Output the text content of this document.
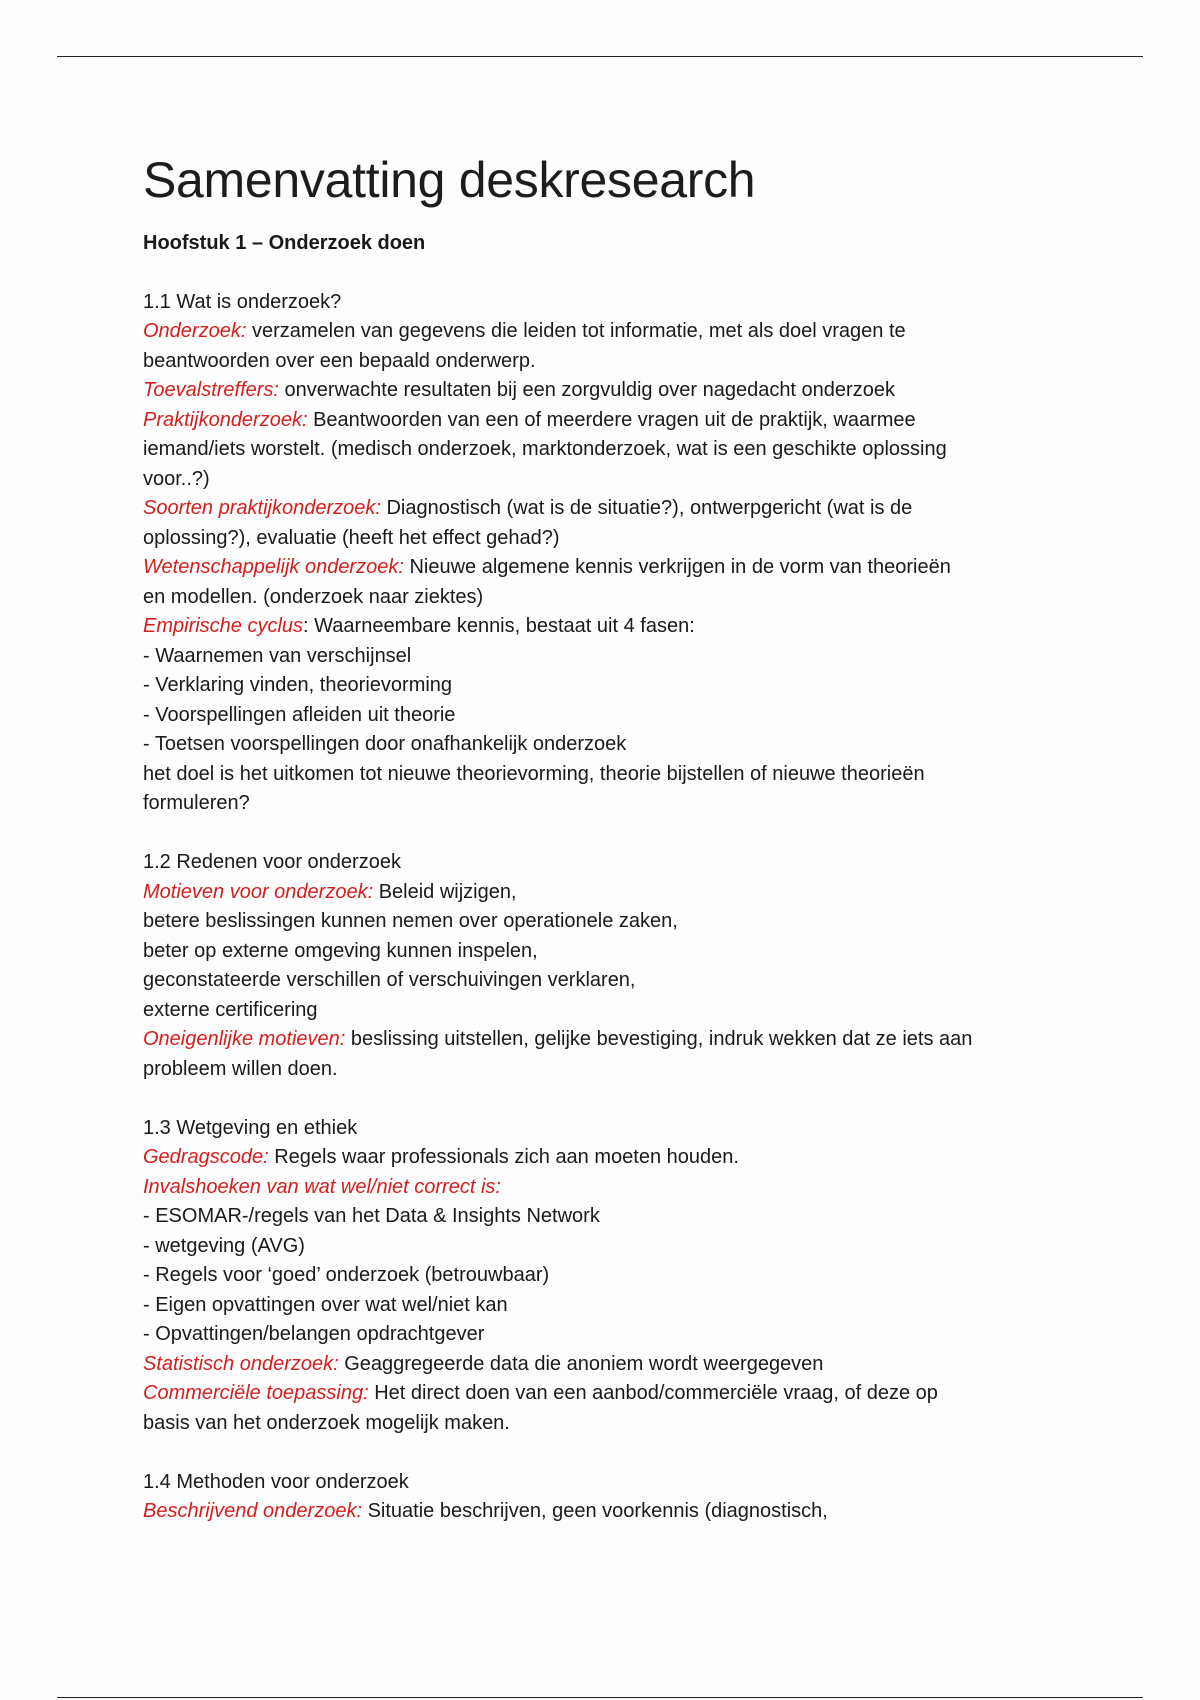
Samenvatting deskresearch
Hoofstuk 1 – Onderzoek doen
1.1 Wat is onderzoek?
Onderzoek: verzamelen van gegevens die leiden tot informatie, met als doel vragen te
beantwoorden over een bepaald onderwerp.
Toevalstreffers: onverwachte resultaten bij een zorgvuldig over nagedacht onderzoek
Praktijkonderzoek: Beantwoorden van een of meerdere vragen uit de praktijk, waarmee
iemand/iets worstelt. (medisch onderzoek, marktonderzoek, wat is een geschikte oplossing
voor..?)
Soorten praktijkonderzoek: Diagnostisch (wat is de situatie?), ontwerpgericht (wat is de
oplossing?), evaluatie (heeft het effect gehad?)
Wetenschappelijk onderzoek: Nieuwe algemene kennis verkrijgen in de vorm van theorieën
en modellen. (onderzoek naar ziektes)
Empirische cyclus: Waarneembare kennis, bestaat uit 4 fasen:
- Waarnemen van verschijnsel
- Verklaring vinden, theorievorming
- Voorspellingen afleiden uit theorie
- Toetsen voorspellingen door onafhankelijk onderzoek
het doel is het uitkomen tot nieuwe theorievorming, theorie bijstellen of nieuwe theorieën
formuleren?
1.2 Redenen voor onderzoek
Motieven voor onderzoek: Beleid wijzigen,
betere beslissingen kunnen nemen over operationele zaken,
beter op externe omgeving kunnen inspelen,
geconstateerde verschillen of verschuivingen verklaren,
externe certificering
Oneigenlijke motieven: beslissing uitstellen, gelijke bevestiging, indruk wekken dat ze iets aan
probleem willen doen.
1.3 Wetgeving en ethiek
Gedragscode: Regels waar professionals zich aan moeten houden.
Invalshoeken van wat wel/niet correct is:
- ESOMAR-/regels van het Data & Insights Network
- wetgeving (AVG)
- Regels voor ‘goed’ onderzoek (betrouwbaar)
- Eigen opvattingen over wat wel/niet kan
- Opvattingen/belangen opdrachtgever
Statistisch onderzoek: Geaggregeerde data die anoniem wordt weergegeven
Commerciële toepassing: Het direct doen van een aanbod/commerciële vraag, of deze op
basis van het onderzoek mogelijk maken.
1.4 Methoden voor onderzoek
Beschrijvend onderzoek: Situatie beschrijven, geen voorkennis (diagnostisch,
